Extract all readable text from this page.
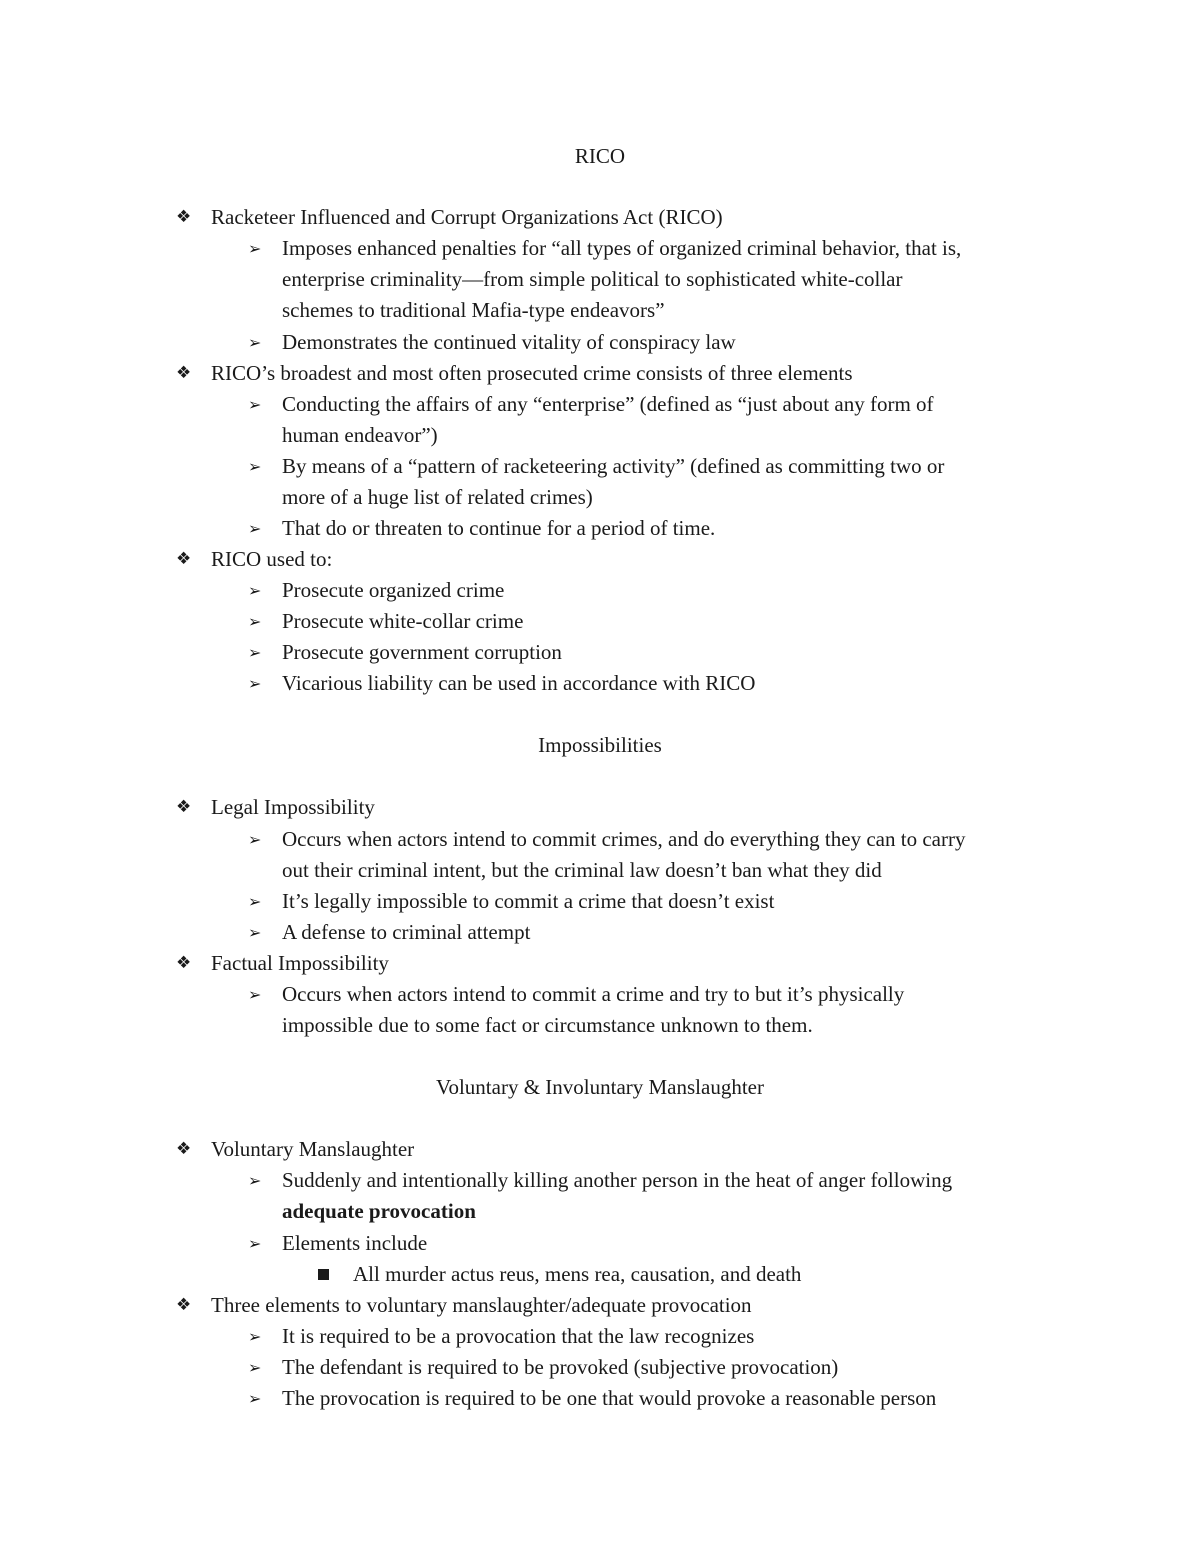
RICO
❖ Racketeer Influenced and Corrupt Organizations Act (RICO)
➢ Imposes enhanced penalties for “all types of organized criminal behavior, that is,
enterprise criminality—from simple political to sophisticated white-collar
schemes to traditional Mafia-type endeavors”
➢ Demonstrates the continued vitality of conspiracy law
❖ RICO’s broadest and most often prosecuted crime consists of three elements
➢ Conducting the affairs of any “enterprise” (defined as “just about any form of
human endeavor”)
➢ By means of a “pattern of racketeering activity” (defined as committing two or
more of a huge list of related crimes)
➢ That do or threaten to continue for a period of time.
❖ RICO used to:
➢ Prosecute organized crime
➢ Prosecute white-collar crime
➢ Prosecute government corruption
➢ Vicarious liability can be used in accordance with RICO
Impossibilities
❖ Legal Impossibility
➢ Occurs when actors intend to commit crimes, and do everything they can to carry
out their criminal intent, but the criminal law doesn’t ban what they did
➢ It’s legally impossible to commit a crime that doesn’t exist
➢ A defense to criminal attempt
❖ Factual Impossibility
➢ Occurs when actors intend to commit a crime and try to but it’s physically
impossible due to some fact or circumstance unknown to them.
Voluntary & Involuntary Manslaughter
❖ Voluntary Manslaughter
➢ Suddenly and intentionally killing another person in the heat of anger following
adequate provocation
➢ Elements include
All murder actus reus, mens rea, causation, and death
❖ Three elements to voluntary manslaughter/adequate provocation
➢ It is required to be a provocation that the law recognizes
➢ The defendant is required to be provoked (subjective provocation)
➢ The provocation is required to be one that would provoke a reasonable person
